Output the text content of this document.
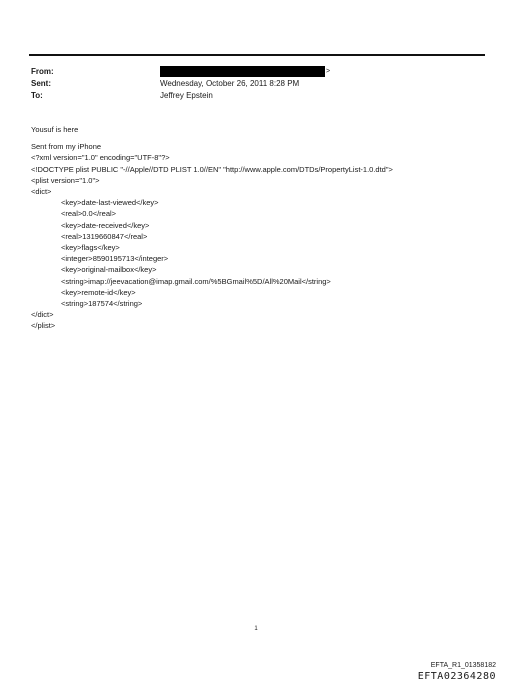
From:	>
Sent:	Wednesday, October 26, 2011 8:28 PM
To:	Jeffrey Epstein
Yousuf is here
Sent from my iPhone
<?xml version="1.0" encoding="UTF-8"?>
<!DOCTYPE plist PUBLIC "-//Apple//DTD PLIST 1.0//EN" "http://www.apple.com/DTDs/PropertyList-1.0.dtd">
<plist version="1.0">
<dict>
<key>date-last-viewed</key>
<real>0.0</real>
<key>date-received</key>
<real>1319660847</real>
<key>flags</key>
<integer>8590195713</integer>
<key>original-mailbox</key>
<string>imap://jeevacation@imap.gmail.com/%5BGmail%5D/All%20Mail</string>
<key>remote-id</key>
<string>187574</string>
</dict>
</plist>
1
EFTA_R1_01358182
EFTA02364280
